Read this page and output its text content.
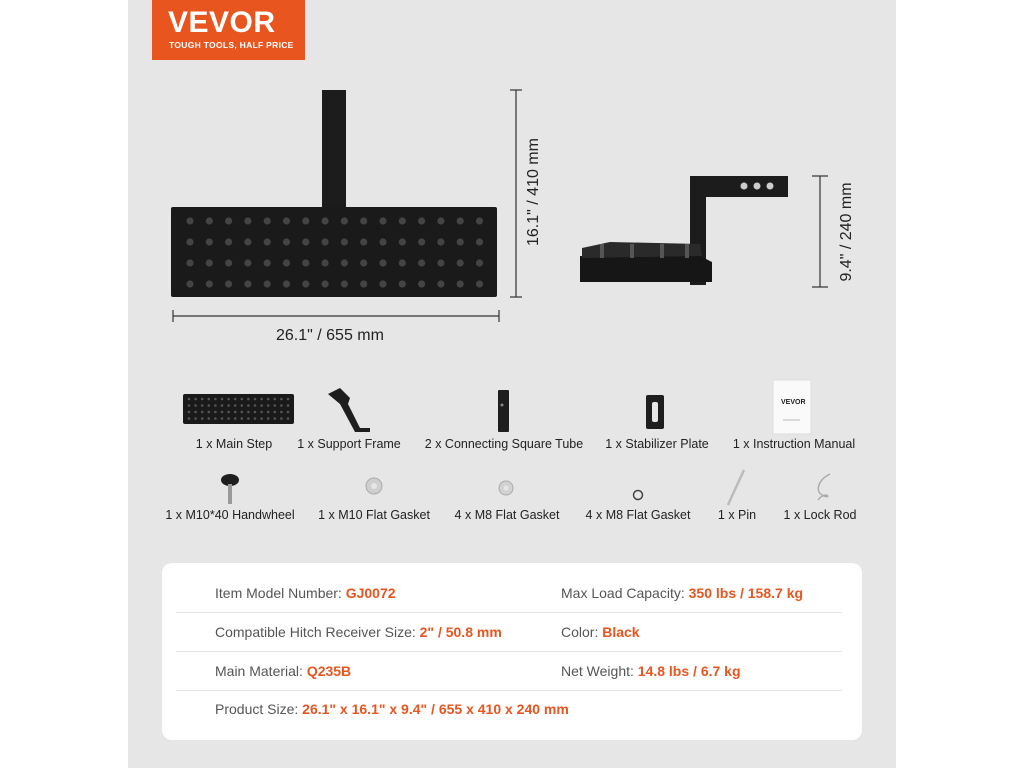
VEVOR
TOUGH TOOLS, HALF PRICE
VEVOR
26.1" / 655 mm
16.1" / 410 mm	9.4" / 240 mm
1 x Main Step 1 x Support Frame 2 x Connecting Square Tube 1 x Stabilizer Plate 1 x Instruction Manual
1 x M10*40 Handwheel 1 x M10 Flat Gasket 4 x M8 Flat Gasket 4 x M8 Flat Gasket 1 x Pin 1 x Lock Rod
Item Model Number: GJ0072	Max Load Capacity: 350 lbs / 158.7 kg
Compatible Hitch Receiver Size: 2" / 50.8 mm	Color: Black
Main Material: Q235B	Net Weight: 14.8 lbs / 6.7 kg
Product Size: 26.1" x 16.1" x 9.4" / 655 x 410 x 240 mm
